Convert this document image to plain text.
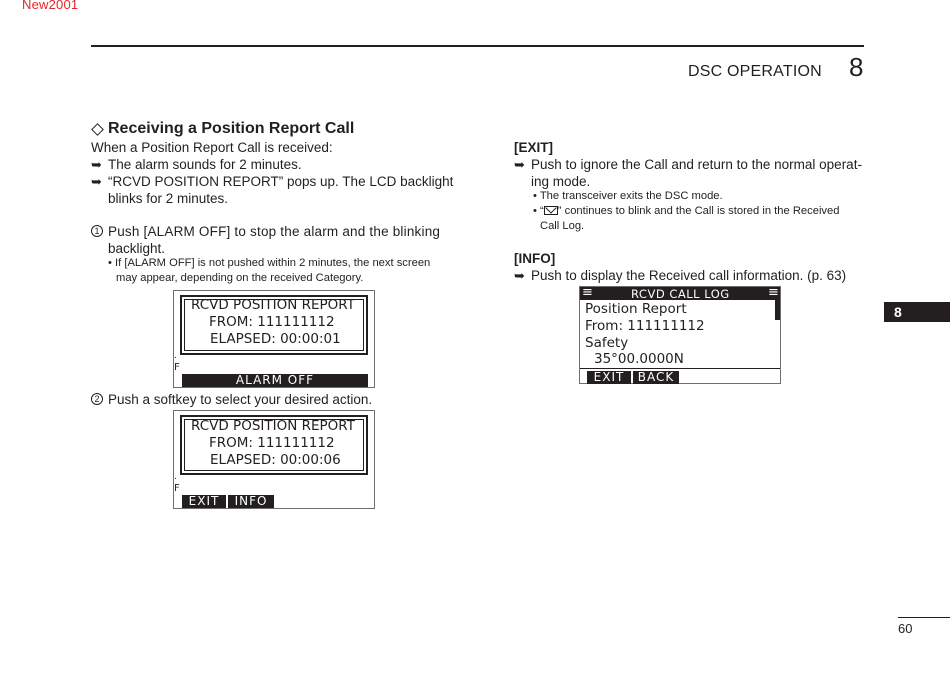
New2001
DSC OPERATION 8
8
60
Receiving a Position Report Call
When a Position Report Call is received:
➥ The alarm sounds for 2 minutes.
➥ “RCVD POSITION REPORT” pops up. The LCD backlight
blinks for 2 minutes.
1 Push [ALARM OFF] to stop the alarm and the blinking
backlight.
• If [ALARM OFF] is not pushed within 2 minutes, the next screen
may appear, depending on the received Category.
RCVD POSITION REPORT
FROM: 111111112
ELAPSED: 00:00:01
.
F
ALARM OFF
2 Push a softkey to select your desired action.
RCVD POSITION REPORT
FROM: 111111112
ELAPSED: 00:00:06
.
F
EXIT	INFO
[EXIT]
➥ Push to ignore the Call and return to the normal operat-
ing mode.
• The transceiver exits the DSC mode.
• “ ” continues to blink and the Call is stored in the Received
Call Log.
[INFO]
➥ Push to display the Received call information. (p. 63)
≡	RCVD CALL LOG	≡
Position Report
From: 111111112
Safety
35°00.0000N
EXIT	BACK
